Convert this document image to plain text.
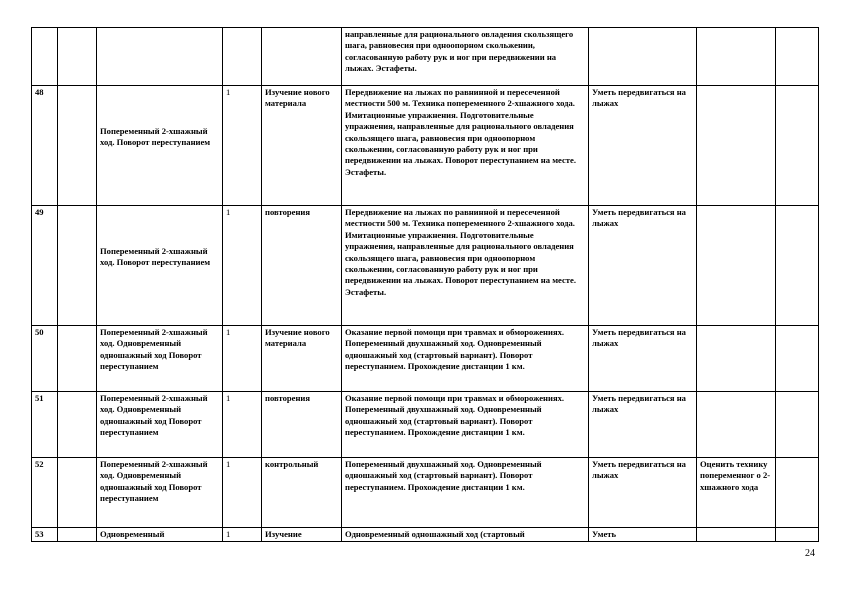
					направленные для рационального овладения скользящего шага, равновесия при одноопорном скольжении, согласованную работу рук и ног при передвижении на лыжах. Эстафеты.			
48		Попеременный 2-хшажный ход. Поворот переступанием	1	Изучение нового материала	Передвижение на лыжах по равнинной и пересеченной местности 500 м. Техника попеременного 2-хшажного хода. Имитационные упражнения. Подготовительные упражнения, направленные для рационального овладения скользящего шага, равновесия при одноопорном скольжении, согласованную работу рук и ног при передвижении на лыжах. Поворот переступанием на месте. Эстафеты.	Уметь передвигаться на лыжах		
49		Попеременный 2-хшажный ход. Поворот переступанием	1	повторения	Передвижение на лыжах по равнинной и пересеченной местности 500 м. Техника попеременного 2-хшажного хода. Имитационные упражнения. Подготовительные упражнения, направленные для рационального овладения скользящего шага, равновесия при одноопорном скольжении, согласованную работу рук и ног при передвижении на лыжах. Поворот переступанием на месте. Эстафеты.	Уметь передвигаться на лыжах		
50		Попеременный 2-хшажный ход. Одновременный одношажный ход Поворот переступанием	1	Изучение нового материала	Оказание первой помощи при травмах и обморожениях. Попеременный двухшажный ход. Одновременный одношажный ход (стартовый вариант). Поворот переступанием. Прохождение дистанции 1 км.	Уметь передвигаться на лыжах		
51		Попеременный 2-хшажный ход. Одновременный одношажный ход Поворот переступанием	1	повторения	Оказание первой помощи при травмах и обморожениях. Попеременный двухшажный ход. Одновременный одношажный ход (стартовый вариант). Поворот переступанием. Прохождение дистанции 1 км.	Уметь передвигаться на лыжах		
52		Попеременный 2-хшажный ход. Одновременный одношажный ход Поворот переступанием	1	контрольный	Попеременный двухшажный ход. Одновременный одношажный ход (стартовый вариант). Поворот переступанием. Прохождение дистанции 1 км.	Уметь передвигаться на лыжах	Оценить технику попеременног о 2-хшажного хода	
53		Одновременный	1	Изучение	Одновременный одношажный ход (стартовый	Уметь		
24
